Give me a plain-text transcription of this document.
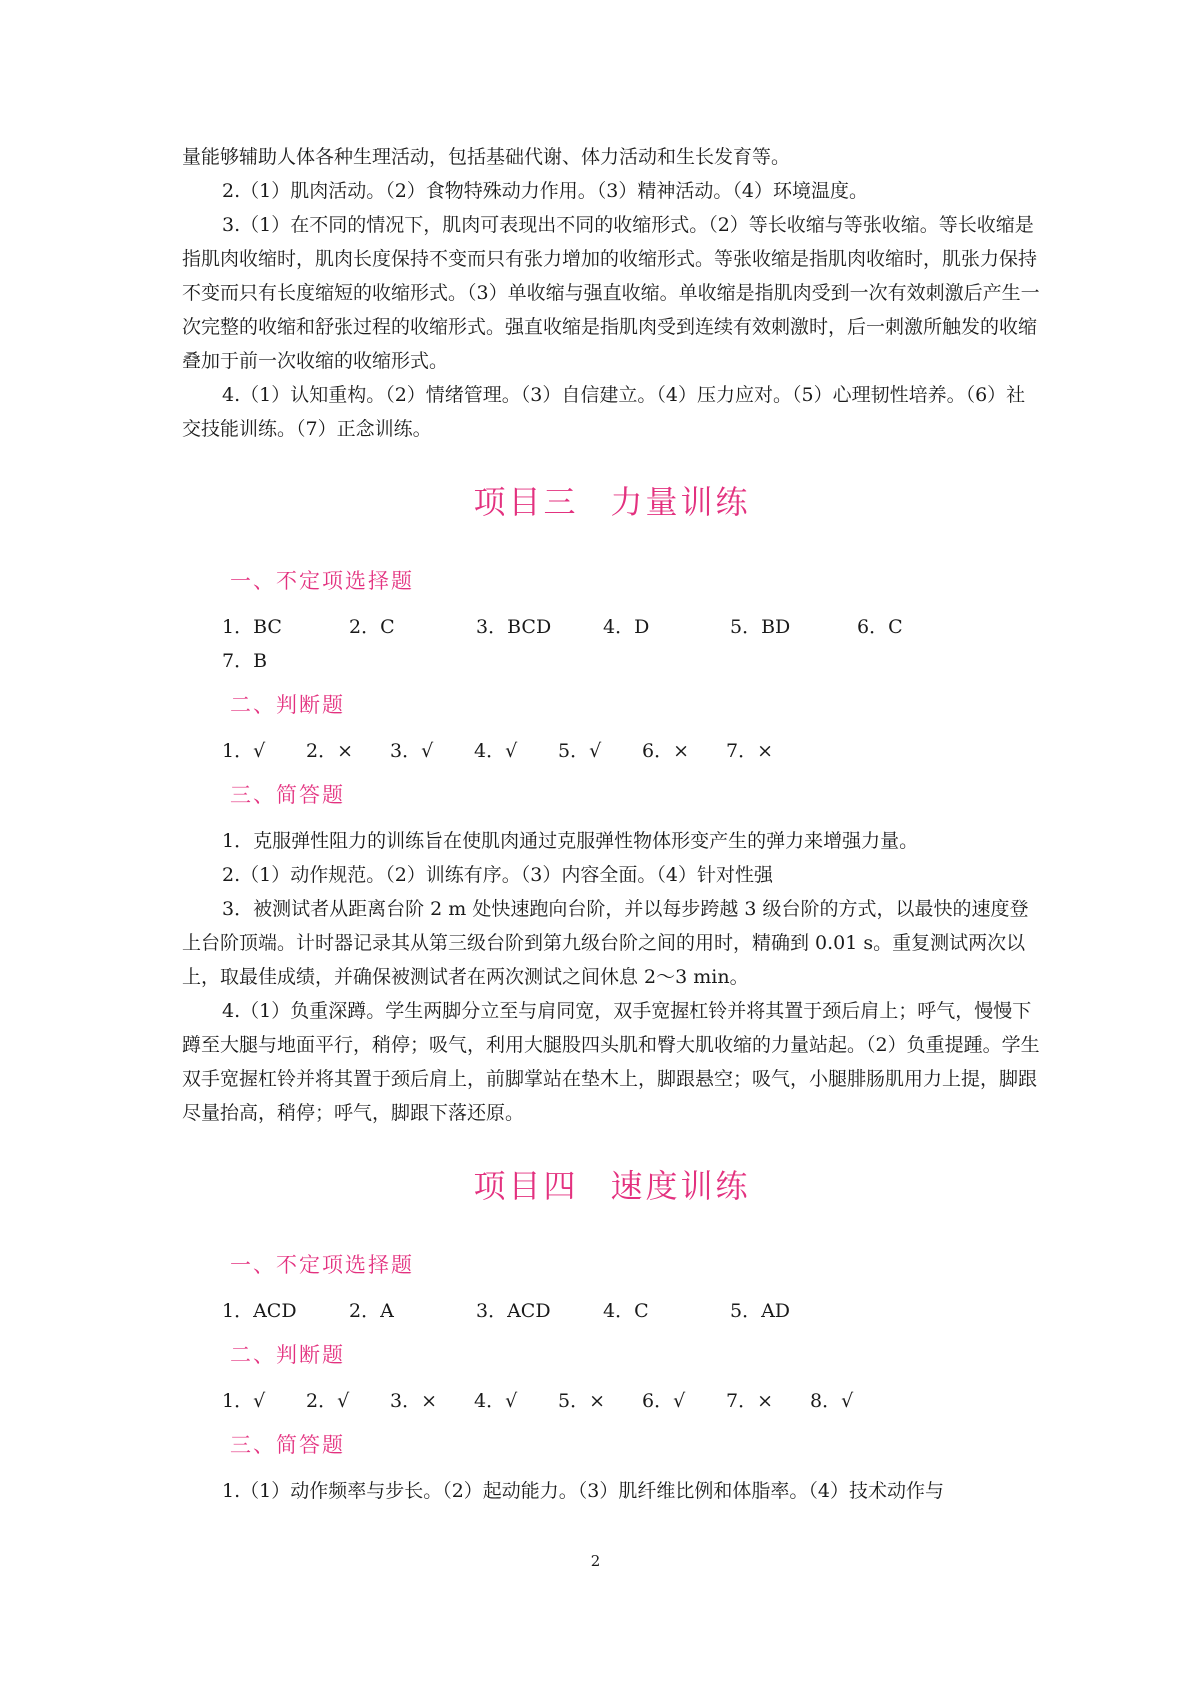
量能够辅助人体各种生理活动，包括基础代谢、体力活动和生长发育等。

2.（1）肌肉活动。（2）食物特殊动力作用。（3）精神活动。（4）环境温度。

3.（1）在不同的情况下，肌肉可表现出不同的收缩形式。（2）等长收缩与等张收缩。等长收缩是指肌肉收缩时，肌肉长度保持不变而只有张力增加的收缩形式。等张收缩是指肌肉收缩时，肌张力保持不变而只有长度缩短的收缩形式。（3）单收缩与强直收缩。单收缩是指肌肉受到一次有效刺激后产生一次完整的收缩和舒张过程的收缩形式。强直收缩是指肌肉受到连续有效刺激时，后一刺激所触发的收缩叠加于前一次收缩的收缩形式。

4.（1）认知重构。（2）情绪管理。（3）自信建立。（4）压力应对。（5）心理韧性培养。（6）社交技能训练。（7）正念训练。

项目三 力量训练
一、不定项选择题
1．BC	2．C	3．BCD	4．D	5．BD	6．C
7．B
二、判断题
1．√	2．×	3．√	4．√	5．√	6．×	7．×
三、简答题

1．克服弹性阻力的训练旨在使肌肉通过克服弹性物体形变产生的弹力来增强力量。

2.（1）动作规范。（2）训练有序。（3）内容全面。（4）针对性强

3．被测试者从距离台阶 2 m 处快速跑向台阶，并以每步跨越 3 级台阶的方式，以最快的速度登上台阶顶端。计时器记录其从第三级台阶到第九级台阶之间的用时，精确到 0.01 s。重复测试两次以上，取最佳成绩，并确保被测试者在两次测试之间休息 2～3 min。

4.（1）负重深蹲。学生两脚分立至与肩同宽，双手宽握杠铃并将其置于颈后肩上；呼气，慢慢下蹲至大腿与地面平行，稍停；吸气，利用大腿股四头肌和臀大肌收缩的力量站起。（2）负重提踵。学生双手宽握杠铃并将其置于颈后肩上，前脚掌站在垫木上，脚跟悬空；吸气，小腿腓肠肌用力上提，脚跟尽量抬高，稍停；呼气，脚跟下落还原。

项目四 速度训练
一、不定项选择题
1．ACD	2．A	3．ACD	4．C	5．AD
二、判断题
1．√	2．√	3．×	4．√	5．×	6．√	7．×	8．√
三、简答题

1.（1）动作频率与步长。（2）起动能力。（3）肌纤维比例和体脂率。（4）技术动作与

2
